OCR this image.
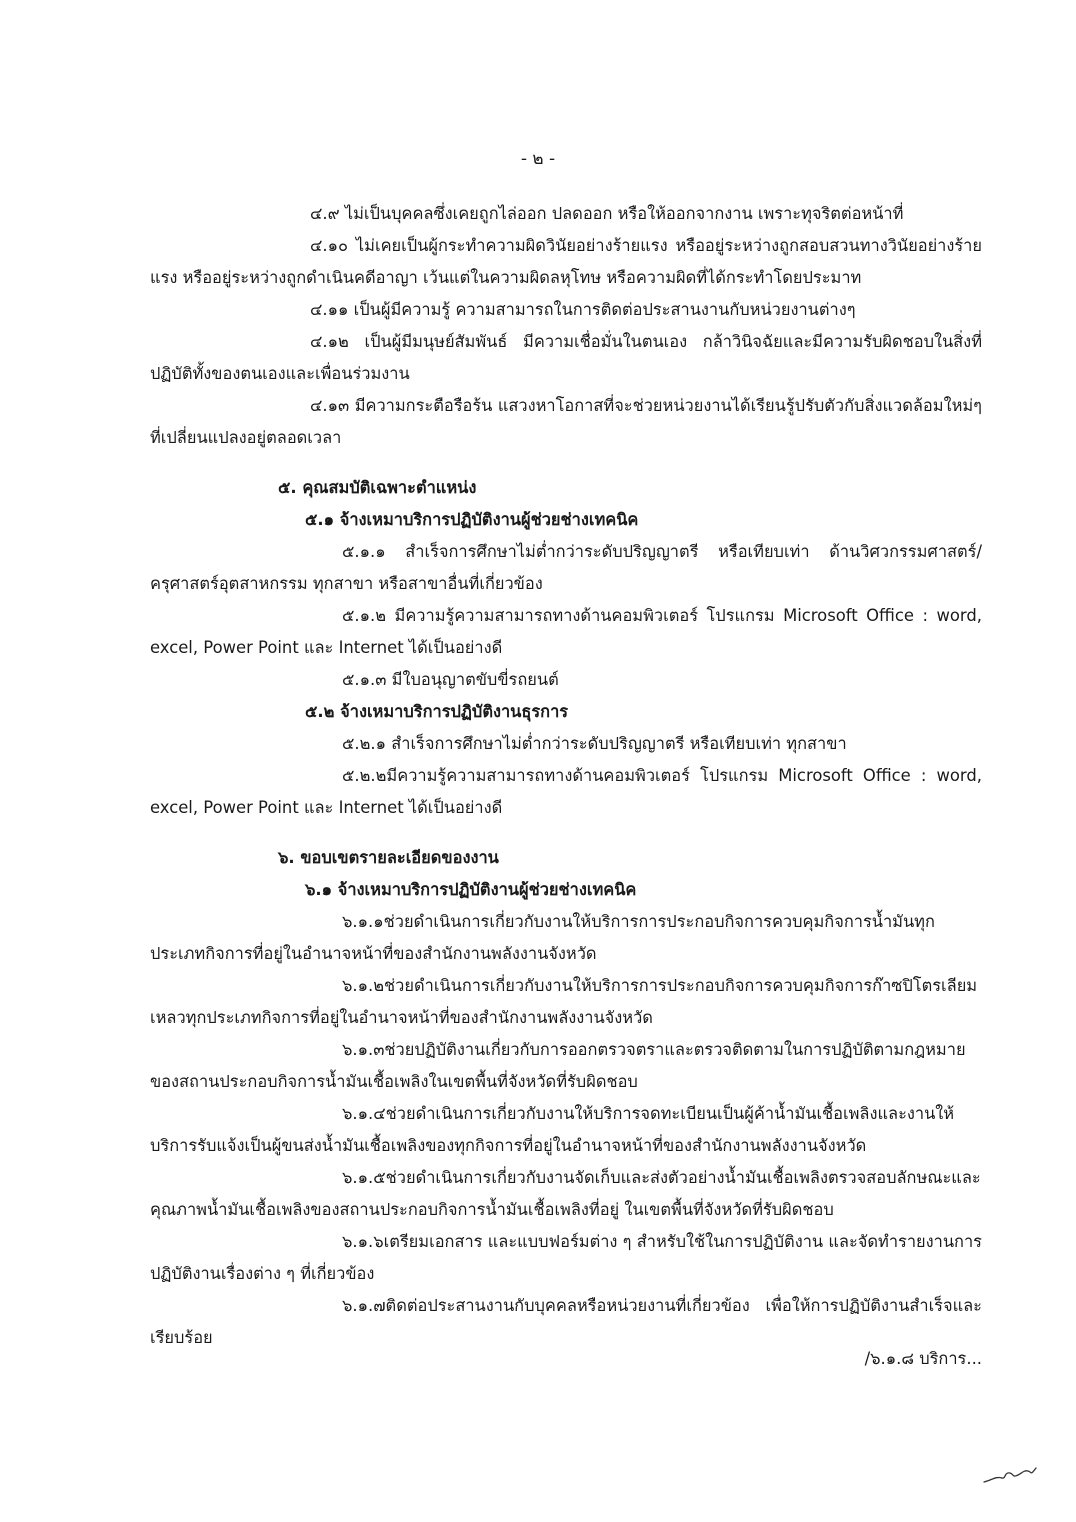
- ๒ -

๔.๙ ไม่เป็นบุคคลซึ่งเคยถูกไล่ออก ปลดออก หรือให้ออกจากงาน เพราะทุจริตต่อหน้าที่

๔.๑๐ ไม่เคยเป็นผู้กระทำความผิดวินัยอย่างร้ายแรง หรืออยู่ระหว่างถูกสอบสวนทางวินัยอย่างร้ายแรง หรืออยู่ระหว่างถูกดำเนินคดีอาญา เว้นแต่ในความผิดลหุโทษ หรือความผิดที่ได้กระทำโดยประมาท

๔.๑๑ เป็นผู้มีความรู้ ความสามารถในการติดต่อประสานงานกับหน่วยงานต่างๆ

๔.๑๒ เป็นผู้มีมนุษย์สัมพันธ์ มีความเชื่อมั่นในตนเอง กล้าวินิจฉัยและมีความรับผิดชอบในสิ่งที่ปฏิบัติทั้งของตนเองและเพื่อนร่วมงาน

๔.๑๓ มีความกระตือรือร้น แสวงหาโอกาสที่จะช่วยหน่วยงานได้เรียนรู้ปรับตัวกับสิ่งแวดล้อมใหม่ๆ ที่เปลี่ยนแปลงอยู่ตลอดเวลา

๕. คุณสมบัติเฉพาะตำแหน่ง

๕.๑ จ้างเหมาบริการปฏิบัติงานผู้ช่วยช่างเทคนิค

๕.๑.๑ สำเร็จการศึกษาไม่ต่ำกว่าระดับปริญญาตรี หรือเทียบเท่า ด้านวิศวกรรมศาสตร์/ครุศาสตร์อุตสาหกรรม ทุกสาขา หรือสาขาอื่นที่เกี่ยวข้อง

๕.๑.๒ มีความรู้ความสามารถทางด้านคอมพิวเตอร์ โปรแกรม Microsoft Office : word, excel, Power Point และ Internet ได้เป็นอย่างดี

๕.๑.๓ มีใบอนุญาตขับขี่รถยนต์

๕.๒ จ้างเหมาบริการปฏิบัติงานธุรการ

๕.๒.๑ สำเร็จการศึกษาไม่ต่ำกว่าระดับปริญญาตรี หรือเทียบเท่า ทุกสาขา

๕.๒.๒มีความรู้ความสามารถทางด้านคอมพิวเตอร์ โปรแกรม Microsoft Office : word, excel, Power Point และ Internet ได้เป็นอย่างดี

๖. ขอบเขตรายละเอียดของงาน

๖.๑ จ้างเหมาบริการปฏิบัติงานผู้ช่วยช่างเทคนิค

๖.๑.๑ช่วยดำเนินการเกี่ยวกับงานให้บริการการประกอบกิจการควบคุมกิจการน้ำมันทุกประเภทกิจการที่อยู่ในอำนาจหน้าที่ของสำนักงานพลังงานจังหวัด

๖.๑.๒ช่วยดำเนินการเกี่ยวกับงานให้บริการการประกอบกิจการควบคุมกิจการก๊าซปิโตรเลียมเหลวทุกประเภทกิจการที่อยู่ในอำนาจหน้าที่ของสำนักงานพลังงานจังหวัด

๖.๑.๓ช่วยปฏิบัติงานเกี่ยวกับการออกตรวจตราและตรวจติดตามในการปฏิบัติตามกฎหมายของสถานประกอบกิจการน้ำมันเชื้อเพลิงในเขตพื้นที่จังหวัดที่รับผิดชอบ

๖.๑.๔ช่วยดำเนินการเกี่ยวกับงานให้บริการจดทะเบียนเป็นผู้ค้าน้ำมันเชื้อเพลิงและงานให้บริการรับแจ้งเป็นผู้ขนส่งน้ำมันเชื้อเพลิงของทุกกิจการที่อยู่ในอำนาจหน้าที่ของสำนักงานพลังงานจังหวัด

๖.๑.๕ช่วยดำเนินการเกี่ยวกับงานจัดเก็บและส่งตัวอย่างน้ำมันเชื้อเพลิงตรวจสอบลักษณะและคุณภาพน้ำมันเชื้อเพลิงของสถานประกอบกิจการน้ำมันเชื้อเพลิงที่อยู่ ในเขตพื้นที่จังหวัดที่รับผิดชอบ

๖.๑.๖เตรียมเอกสาร และแบบฟอร์มต่าง ๆ สำหรับใช้ในการปฏิบัติงาน และจัดทำรายงานการปฏิบัติงานเรื่องต่าง ๆ ที่เกี่ยวข้อง

๖.๑.๗ติดต่อประสานงานกับบุคคลหรือหน่วยงานที่เกี่ยวข้อง เพื่อให้การปฏิบัติงานสำเร็จและเรียบร้อย

/๖.๑.๘ บริการ...
